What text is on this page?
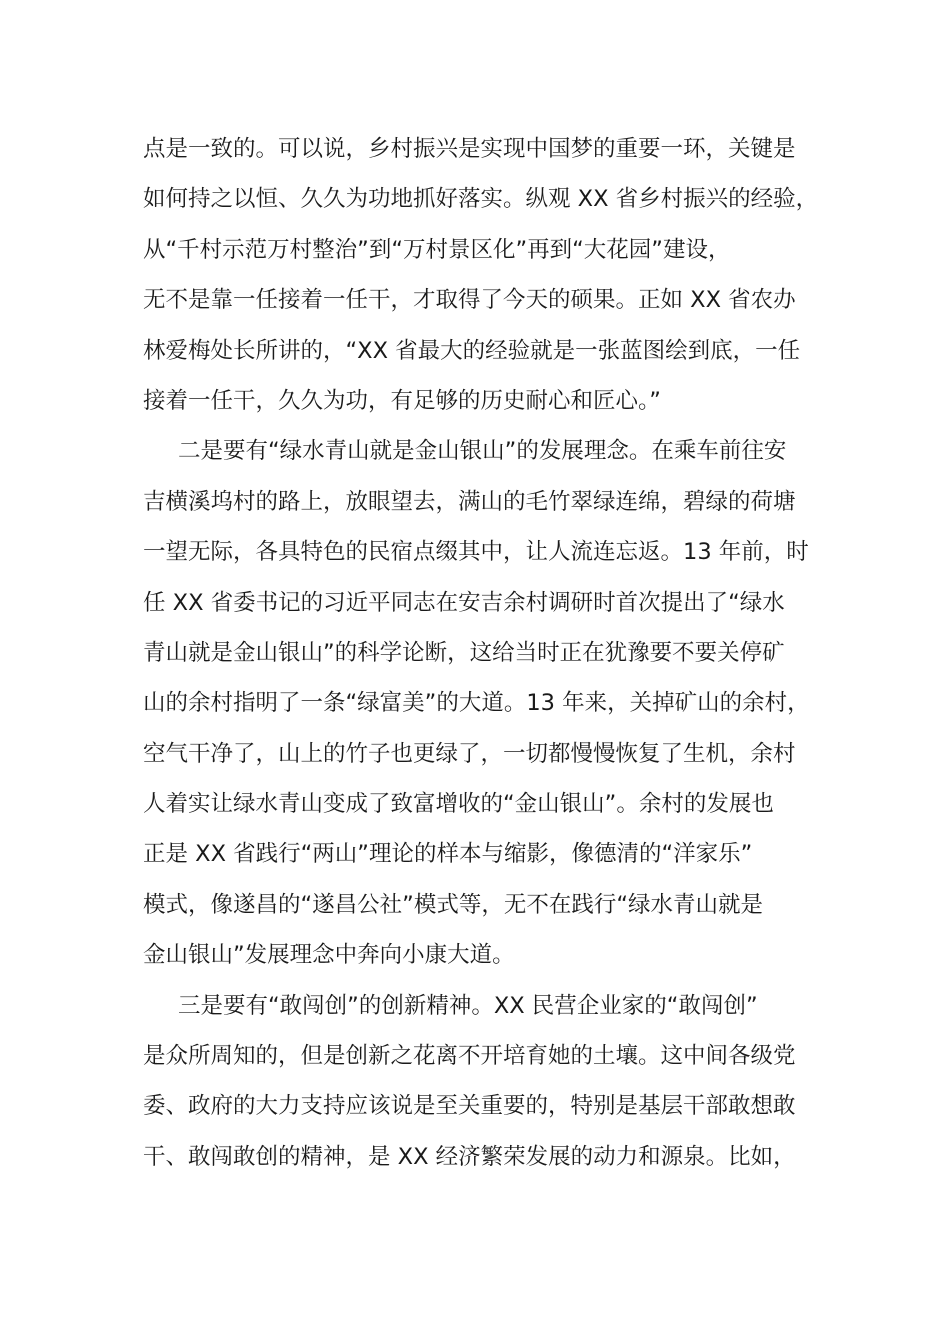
点是一致的。可以说，乡村振兴是实现中国梦的重要一环，关键是
如何持之以恒、久久为功地抓好落实。纵观 XX 省乡村振兴的经验，
从“千村示范万村整治”到“万村景区化”再到“大花园”建设，
无不是靠一任接着一任干，才取得了今天的硕果。正如 XX 省农办
林爱梅处长所讲的，“XX 省最大的经验就是一张蓝图绘到底，一任
接着一任干，久久为功，有足够的历史耐心和匠心。”
二是要有“绿水青山就是金山银山”的发展理念。在乘车前往安
吉横溪坞村的路上，放眼望去，满山的毛竹翠绿连绵，碧绿的荷塘
一望无际，各具特色的民宿点缀其中，让人流连忘返。13 年前，时
任 XX 省委书记的习近平同志在安吉余村调研时首次提出了“绿水
青山就是金山银山”的科学论断，这给当时正在犹豫要不要关停矿
山的余村指明了一条“绿富美”的大道。13 年来，关掉矿山的余村，
空气干净了，山上的竹子也更绿了，一切都慢慢恢复了生机，余村
人着实让绿水青山变成了致富增收的“金山银山”。余村的发展也
正是 XX 省践行“两山”理论的样本与缩影，像德清的“洋家乐”
模式，像遂昌的“遂昌公社”模式等，无不在践行“绿水青山就是
金山银山”发展理念中奔向小康大道。
三是要有“敢闯创”的创新精神。XX 民营企业家的“敢闯创”
是众所周知的，但是创新之花离不开培育她的土壤。这中间各级党
委、政府的大力支持应该说是至关重要的，特别是基层干部敢想敢
干、敢闯敢创的精神，是 XX 经济繁荣发展的动力和源泉。比如，
